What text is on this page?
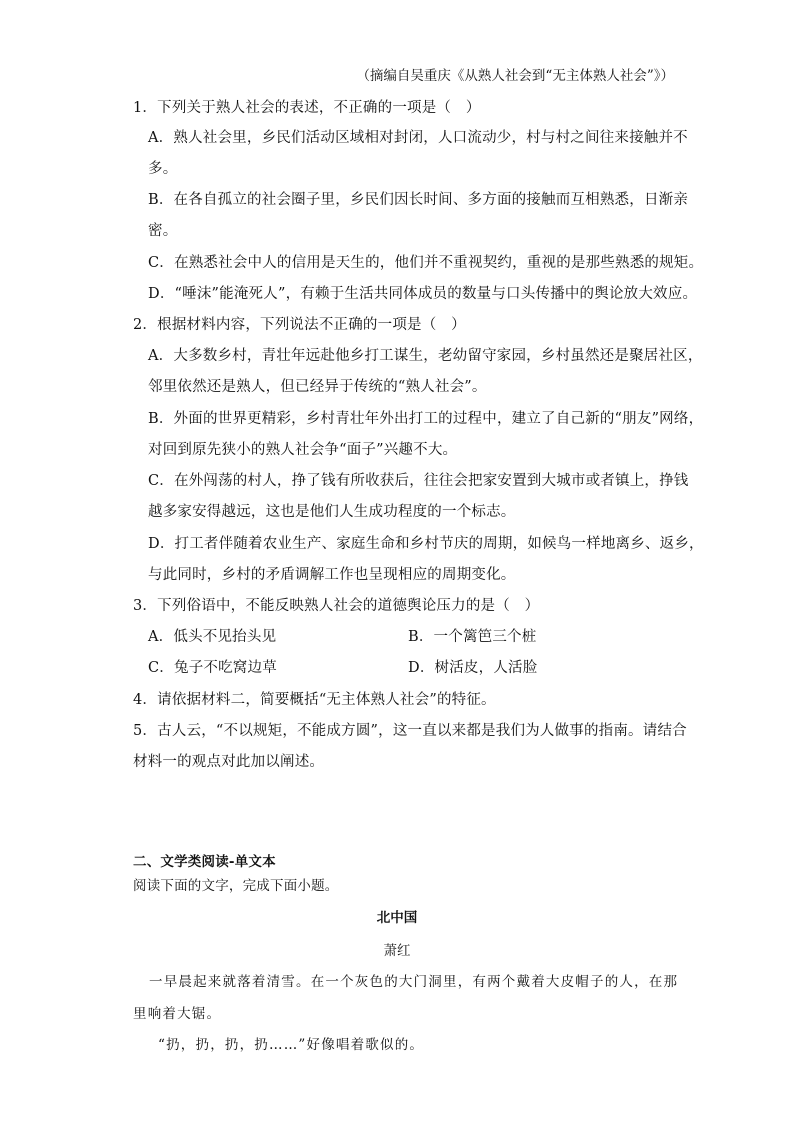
（摘编自吴重庆《从熟人社会到“无主体熟人社会”》）
1．下列关于熟人社会的表述，不正确的一项是（　）
A．熟人社会里，乡民们活动区域相对封闭，人口流动少，村与村之间往来接触并不
多。
B．在各自孤立的社会圈子里，乡民们因长时间、多方面的接触而互相熟悉，日渐亲
密。
C．在熟悉社会中人的信用是天生的，他们并不重视契约，重视的是那些熟悉的规矩。
D．“唾沫”能淹死人”，有赖于生活共同体成员的数量与口头传播中的舆论放大效应。
2．根据材料内容，下列说法不正确的一项是（　）
A．大多数乡村，青壮年远赴他乡打工谋生，老幼留守家园，乡村虽然还是聚居社区，
邻里依然还是熟人，但已经异于传统的“熟人社会”。
B．外面的世界更精彩，乡村青壮年外出打工的过程中，建立了自己新的“朋友”网络，
对回到原先狭小的熟人社会争“面子”兴趣不大。
C．在外闯荡的村人，挣了钱有所收获后，往往会把家安置到大城市或者镇上，挣钱
越多家安得越远，这也是他们人生成功程度的一个标志。
D．打工者伴随着农业生产、家庭生命和乡村节庆的周期，如候鸟一样地离乡、返乡，
与此同时，乡村的矛盾调解工作也呈现相应的周期变化。
3．下列俗语中，不能反映熟人社会的道德舆论压力的是（　）
A．低头不见抬头见	B．一个篱笆三个桩
C．兔子不吃窝边草	D．树活皮，人活脸
4．请依据材料二，简要概括“无主体熟人社会”的特征。
5．古人云，“不以规矩，不能成方圆”，这一直以来都是我们为人做事的指南。请结合
材料一的观点对此加以阐述。
二、文学类阅读-单文本
阅读下面的文字，完成下面小题。
北中国
萧红
一早晨起来就落着清雪。在一个灰色的大门洞里，有两个戴着大皮帽子的人，在那
里响着大锯。
“扔，扔，扔，扔……”好像唱着歌似的。
